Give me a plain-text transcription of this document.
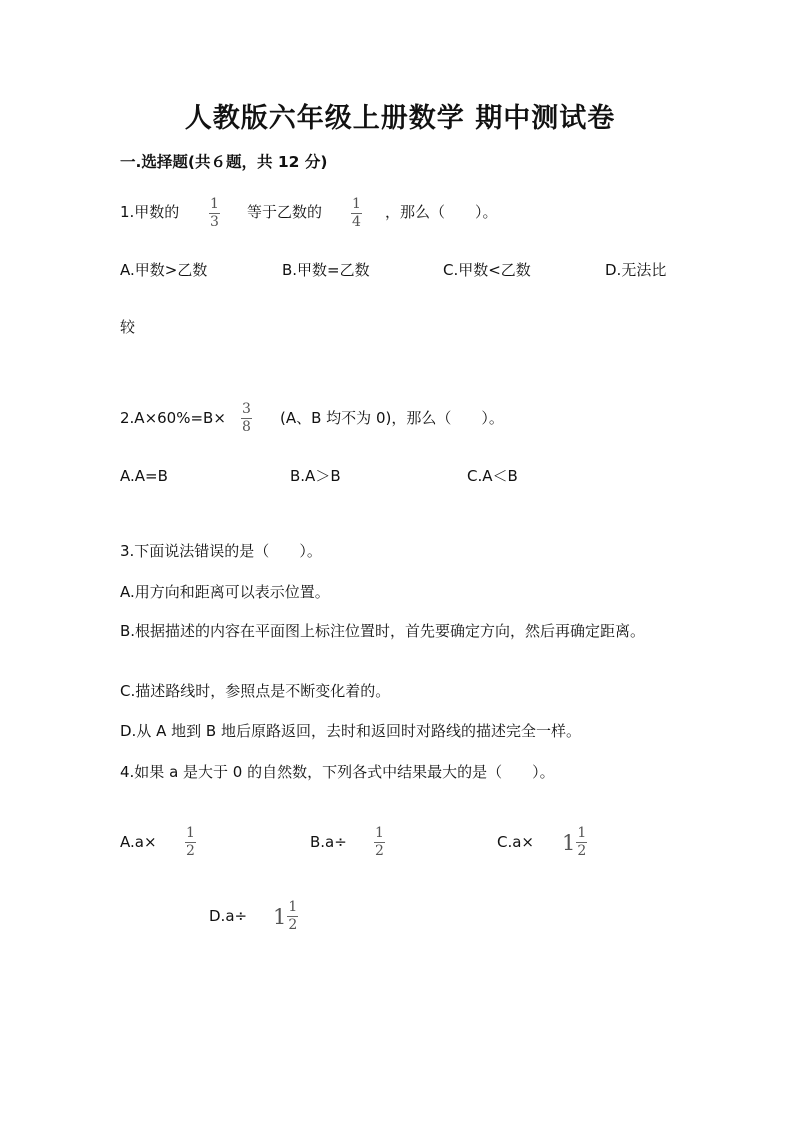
人教版六年级上册数学 期中测试卷
一.选择题(共６题，共 12 分)
1.甲数的 1
3
等于乙数的 1
4
，那么（　　）。
A.甲数>乙数	B.甲数=乙数	C.甲数<乙数	D.无法比
较
2.A×60%=B× 3
8 (A、B 均不为 0)，那么（　　）。
A.A=B	B.A＞B	C.A＜B
3.下面说法错误的是（　　）。
A.用方向和距离可以表示位置。
B.根据描述的内容在平面图上标注位置时，首先要确定方向，然后再确定距离。
C.描述路线时，参照点是不断变化着的。
D.从 A 地到 B 地后原路返回，去时和返回时对路线的描述完全一样。
4.如果 a 是大于 0 的自然数，下列各式中结果最大的是（　　）。
A.a× 1
2	B.a÷ 1
2	$C.a\times 1 \frac{1}{2}$
$D.a\div 1 \frac{1}{2}$
